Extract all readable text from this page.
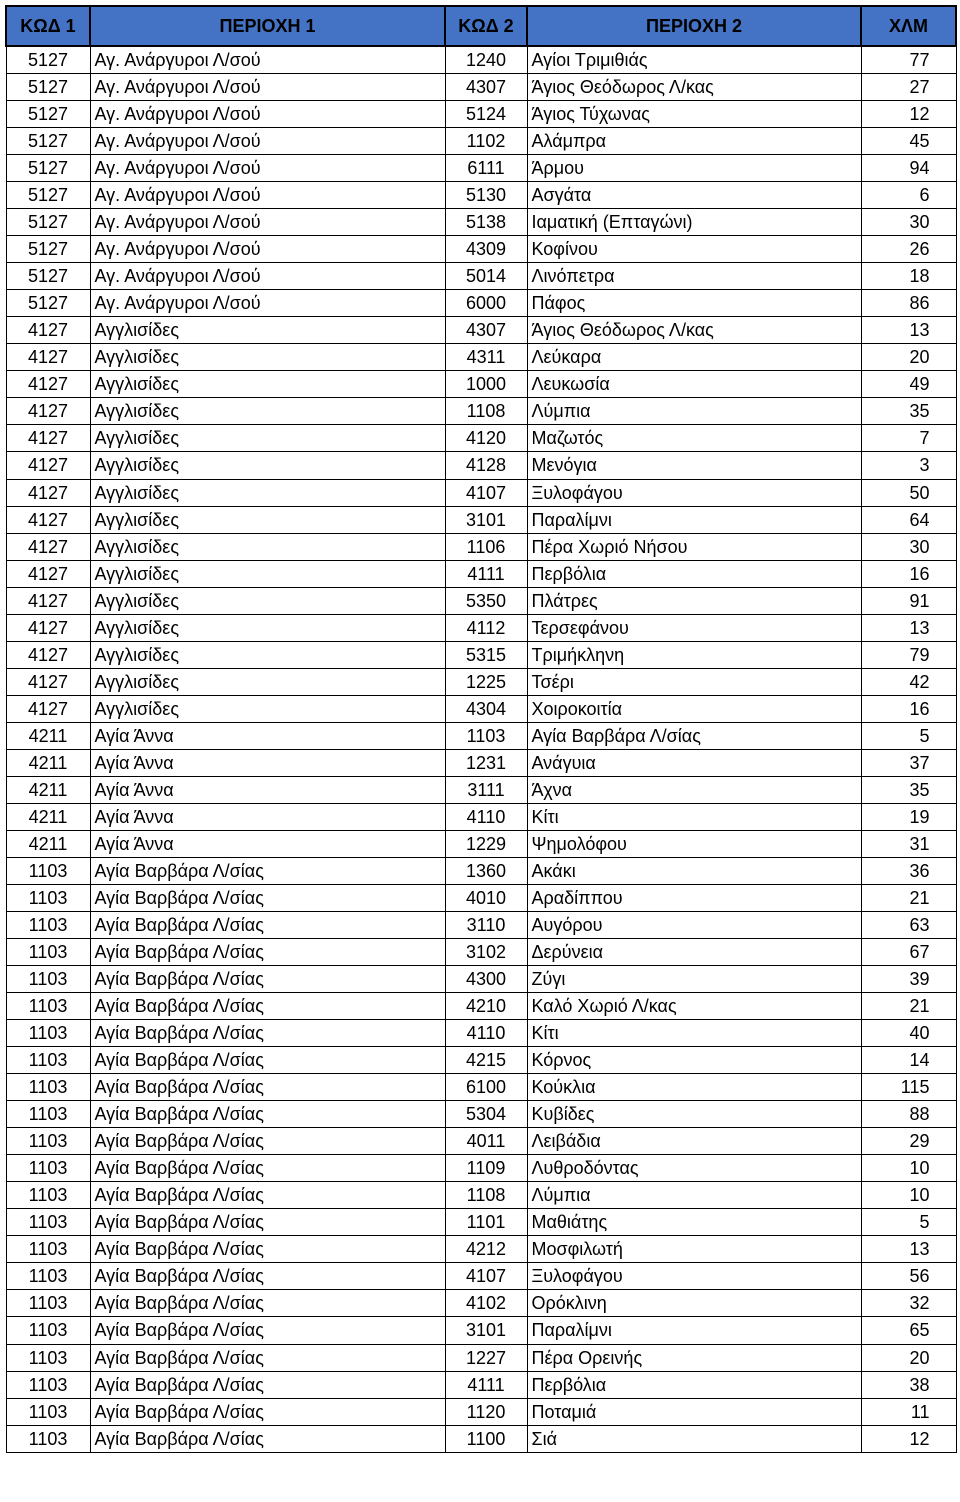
ΚΩΔ 1	ΠΕΡΙΟΧΗ 1	ΚΩΔ 2	ΠΕΡΙΟΧΗ 2	ΧΛΜ
5127	Αγ. Ανάργυροι Λ/σού	1240	Αγίοι Τριμιθιάς	77
5127	Αγ. Ανάργυροι Λ/σού	4307	Άγιος Θεόδωρος Λ/κας	27
5127	Αγ. Ανάργυροι Λ/σού	5124	Άγιος Τύχωνας	12
5127	Αγ. Ανάργυροι Λ/σού	1102	Αλάμπρα	45
5127	Αγ. Ανάργυροι Λ/σού	6111	Άρμου	94
5127	Αγ. Ανάργυροι Λ/σού	5130	Ασγάτα	6
5127	Αγ. Ανάργυροι Λ/σού	5138	Ιαματική (Επταγώνι)	30
5127	Αγ. Ανάργυροι Λ/σού	4309	Κοφίνου	26
5127	Αγ. Ανάργυροι Λ/σού	5014	Λινόπετρα	18
5127	Αγ. Ανάργυροι Λ/σού	6000	Πάφος	86
4127	Αγγλισίδες	4307	Άγιος Θεόδωρος Λ/κας	13
4127	Αγγλισίδες	4311	Λεύκαρα	20
4127	Αγγλισίδες	1000	Λευκωσία	49
4127	Αγγλισίδες	1108	Λύμπια	35
4127	Αγγλισίδες	4120	Μαζωτός	7
4127	Αγγλισίδες	4128	Μενόγια	3
4127	Αγγλισίδες	4107	Ξυλοφάγου	50
4127	Αγγλισίδες	3101	Παραλίμνι	64
4127	Αγγλισίδες	1106	Πέρα Χωριό Νήσου	30
4127	Αγγλισίδες	4111	Περβόλια	16
4127	Αγγλισίδες	5350	Πλάτρες	91
4127	Αγγλισίδες	4112	Τερσεφάνου	13
4127	Αγγλισίδες	5315	Τριμήκληνη	79
4127	Αγγλισίδες	1225	Τσέρι	42
4127	Αγγλισίδες	4304	Χοιροκοιτία	16
4211	Αγία Άννα	1103	Αγία Βαρβάρα Λ/σίας	5
4211	Αγία Άννα	1231	Ανάγυια	37
4211	Αγία Άννα	3111	Άχνα	35
4211	Αγία Άννα	4110	Κίτι	19
4211	Αγία Άννα	1229	Ψημολόφου	31
1103	Αγία Βαρβάρα Λ/σίας	1360	Ακάκι	36
1103	Αγία Βαρβάρα Λ/σίας	4010	Αραδίππου	21
1103	Αγία Βαρβάρα Λ/σίας	3110	Αυγόρου	63
1103	Αγία Βαρβάρα Λ/σίας	3102	Δερύνεια	67
1103	Αγία Βαρβάρα Λ/σίας	4300	Ζύγι	39
1103	Αγία Βαρβάρα Λ/σίας	4210	Καλό Χωριό Λ/κας	21
1103	Αγία Βαρβάρα Λ/σίας	4110	Κίτι	40
1103	Αγία Βαρβάρα Λ/σίας	4215	Κόρνος	14
1103	Αγία Βαρβάρα Λ/σίας	6100	Κούκλια	115
1103	Αγία Βαρβάρα Λ/σίας	5304	Κυβίδες	88
1103	Αγία Βαρβάρα Λ/σίας	4011	Λειβάδια	29
1103	Αγία Βαρβάρα Λ/σίας	1109	Λυθροδόντας	10
1103	Αγία Βαρβάρα Λ/σίας	1108	Λύμπια	10
1103	Αγία Βαρβάρα Λ/σίας	1101	Μαθιάτης	5
1103	Αγία Βαρβάρα Λ/σίας	4212	Μοσφιλωτή	13
1103	Αγία Βαρβάρα Λ/σίας	4107	Ξυλοφάγου	56
1103	Αγία Βαρβάρα Λ/σίας	4102	Ορόκλινη	32
1103	Αγία Βαρβάρα Λ/σίας	3101	Παραλίμνι	65
1103	Αγία Βαρβάρα Λ/σίας	1227	Πέρα Ορεινής	20
1103	Αγία Βαρβάρα Λ/σίας	4111	Περβόλια	38
1103	Αγία Βαρβάρα Λ/σίας	1120	Ποταμιά	11
1103	Αγία Βαρβάρα Λ/σίας	1100	Σιά	12
